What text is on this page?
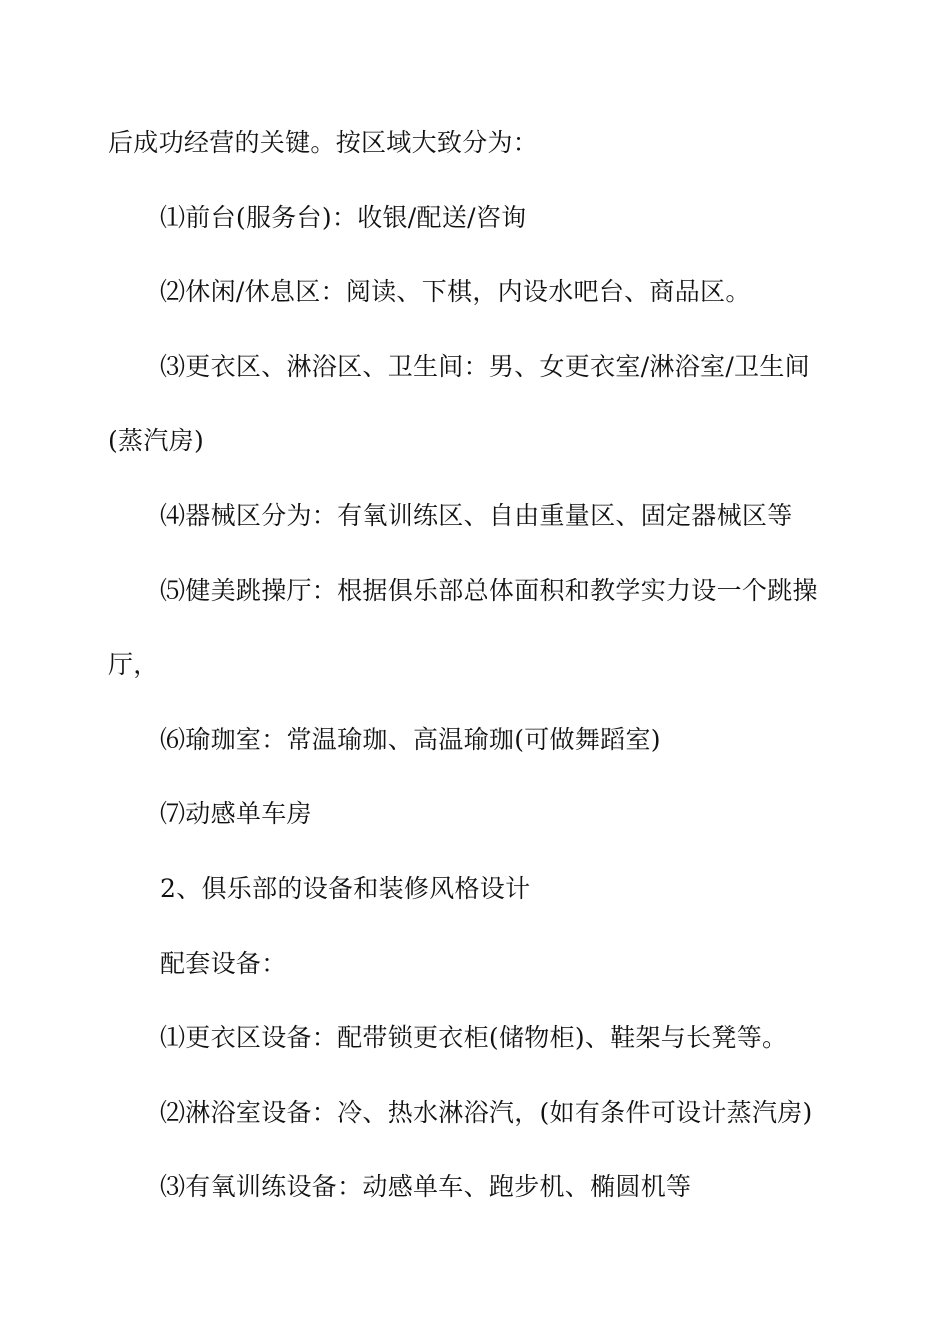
后成功经营的关键。按区域大致分为：
⑴前台(服务台)：收银/配送/咨询
⑵休闲/休息区：阅读、下棋，内设水吧台、商品区。
⑶更衣区、淋浴区、卫生间：男、女更衣室/淋浴室/卫生间
(蒸汽房)
⑷器械区分为：有氧训练区、自由重量区、固定器械区等
⑸健美跳操厅：根据俱乐部总体面积和教学实力设一个跳操
厅，
⑹瑜珈室：常温瑜珈、高温瑜珈(可做舞蹈室)
⑺动感单车房
2、俱乐部的设备和装修风格设计
配套设备：
⑴更衣区设备：配带锁更衣柜(储物柜)、鞋架与长凳等。
⑵淋浴室设备：冷、热水淋浴汽，(如有条件可设计蒸汽房)
⑶有氧训练设备：动感单车、跑步机、椭圆机等
